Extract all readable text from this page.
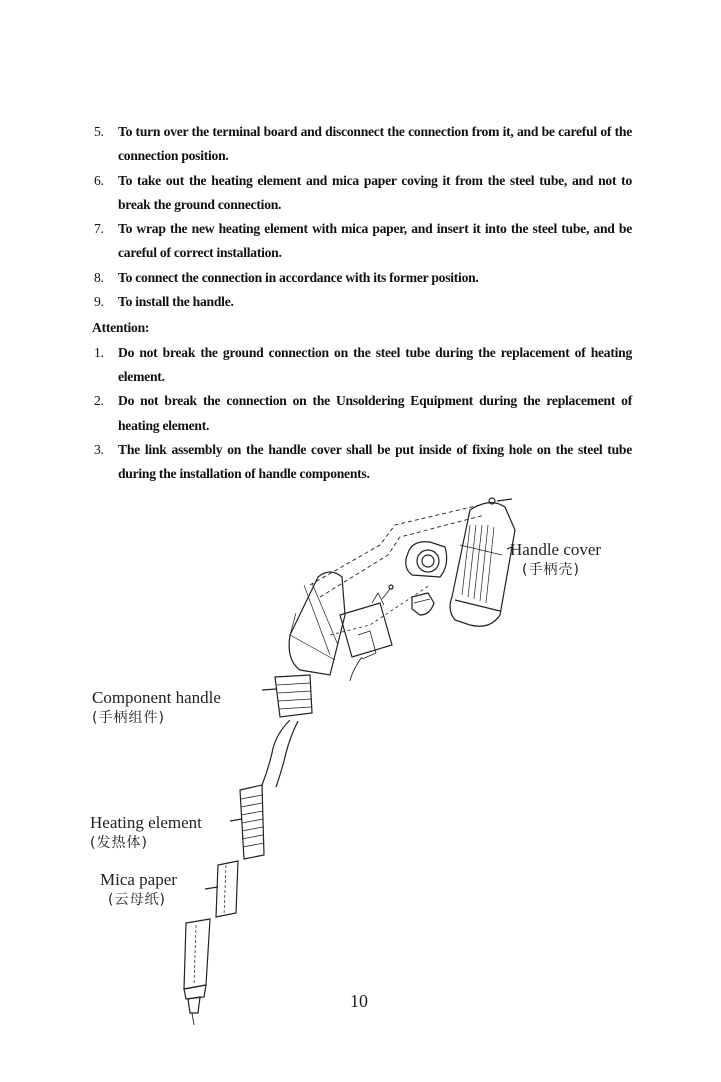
5. To turn over the terminal board and disconnect the connection from it, and be careful of the connection position.
6. To take out the heating element and mica paper coving it from the steel tube, and not to break the ground connection.
7. To wrap the new heating element with mica paper, and insert it into the steel tube, and be careful of correct installation.
8. To connect the connection in accordance with its former position.
9. To install the handle.
Attention:
1. Do not break the ground connection on the steel tube during the replacement of heating element.
2. Do not break the connection on the Unsoldering Equipment during the replacement of heating element.
3. The link assembly on the handle cover shall be put inside of fixing hole on the steel tube during the installation of handle components.
Handle cover
(手柄壳)
Component handle
(手柄组件)
Heating element
(发热体)
Mica paper
(云母纸)
10
